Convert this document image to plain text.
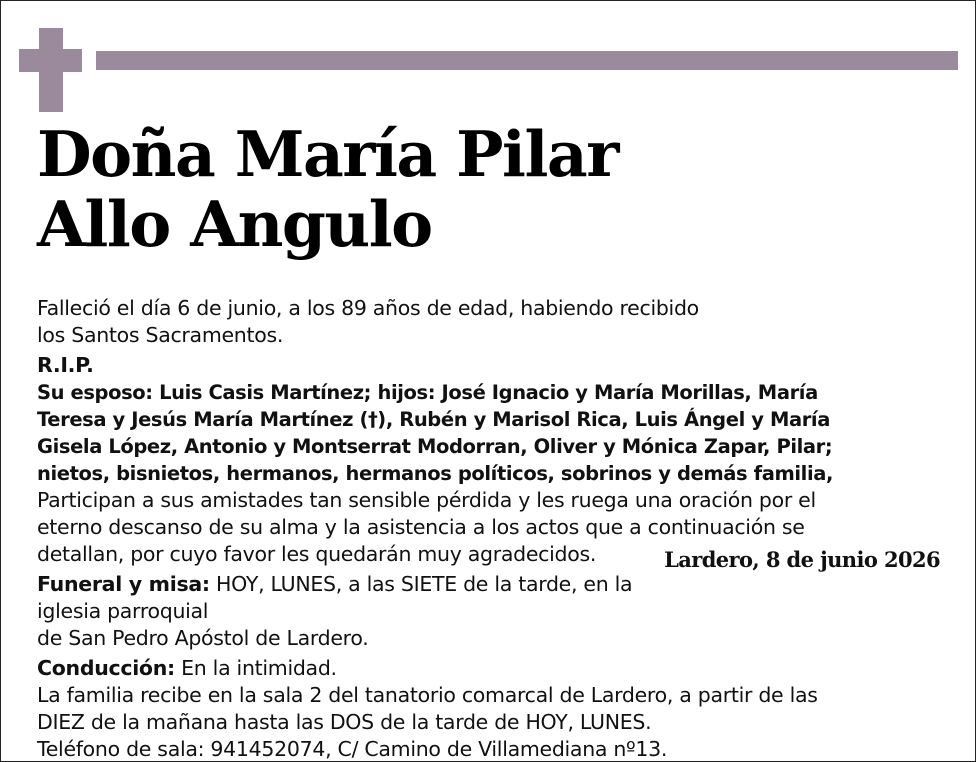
Doña María Pilar
Allo Angulo

Falleció el día 6 de junio, a los 89 años de edad, habiendo recibido

los Santos Sacramentos.

R.I.P.

Su esposo: Luis Casis Martínez; hijos: José Ignacio y María Morillas, María

Teresa y Jesús María Martínez (†), Rubén y Marisol Rica, Luis Ángel y María

Gisela López, Antonio y Montserrat Modorran, Oliver y Mónica Zapar, Pilar;

nietos, bisnietos, hermanos, hermanos políticos, sobrinos y demás familia,

Participan a sus amistades tan sensible pérdida y les ruega una oración por el

eterno descanso de su alma y la asistencia a los actos que a continuación se

detallan, por cuyo favor les quedarán muy agradecidos.	Lardero, 8 de junio 2026

Funeral y misa: HOY, LUNES, a las SIETE de la tarde, en la iglesia parroquial

de San Pedro Apóstol de Lardero.

Conducción: En la intimidad.

La familia recibe en la sala 2 del tanatorio comarcal de Lardero, a partir de las

DIEZ de la mañana hasta las DOS de la tarde de HOY, LUNES.

Teléfono de sala: 941452074, C/ Camino de Villamediana nº13.
